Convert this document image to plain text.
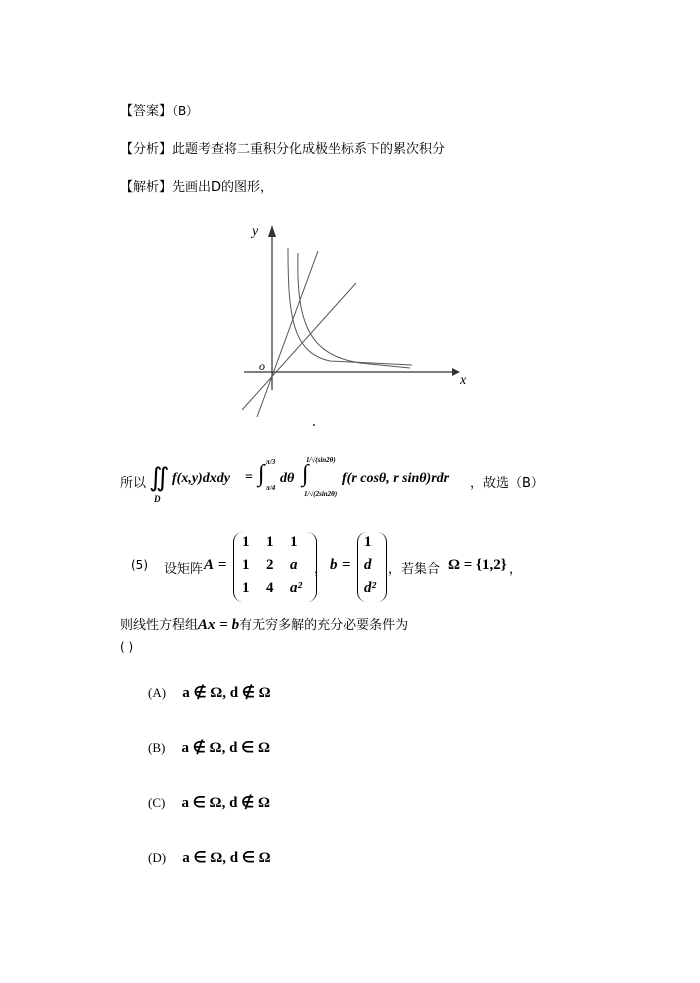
【答案】（B）
【分析】此题考查将二重积分化成极坐标系下的累次积分
【解析】先画出D的图形，
y
x
o
所以 ∬
D
f(x,y)dxdy = ∫ π/3
π/4
dθ ∫
1/√(sin2θ)
1/√(2sin2θ)
f(r cosθ, r sinθ)rdr ，故选（B）
(5) 设矩阵 A =
1 1 1
1 2 a
1 4 a²
， b =
1
d
d²
，若集合 Ω = {1,2} ，
则线性方程组Ax = b有无穷多解的充分必要条件为
( )
(A) a ∉ Ω, d ∉ Ω
(B) a ∉ Ω, d ∈ Ω
(C) a ∈ Ω, d ∉ Ω
(D) a ∈ Ω, d ∈ Ω
